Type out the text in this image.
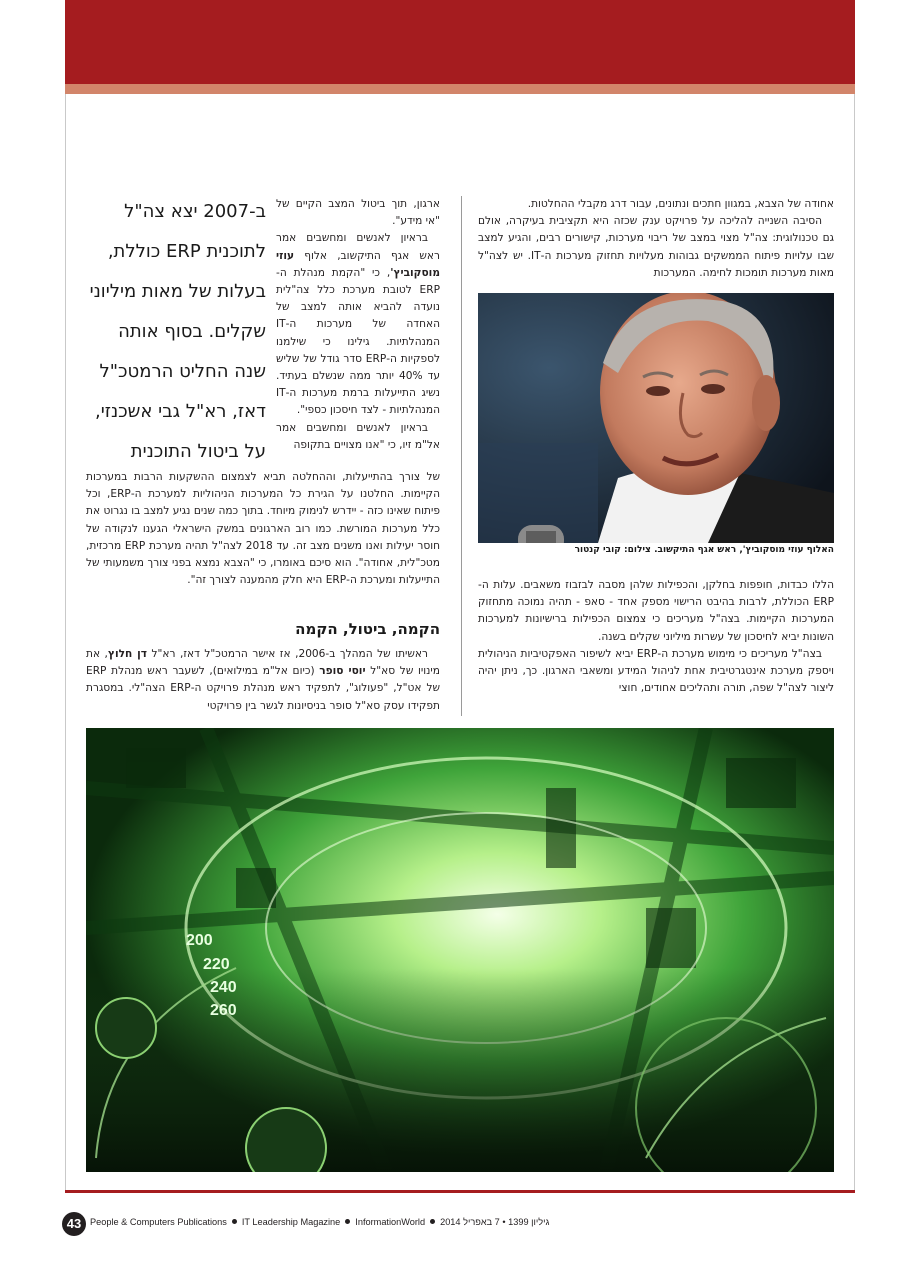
אחודה של הצבא, במגוון חתכים ונתונים, עבור דרג מקבלי ההחלטות.

הסיבה השנייה להליכה על פרויקט ענק שכזה היא תקציבית בעיקרה, אולם גם טכנולוגית: צה"ל מצוי במצב של ריבוי מערכות, קישורים רבים, והגיע למצב שבו עלויות פיתוח הממשקים גבוהות מעלויות תחזוק מערכות ה-IT. יש לצה"ל מאות מערכות תומכות לחימה. המערכות

האלוף עוזי מוסקוביץ', ראש אגף התיקשוב. צילום: קובי קנטור

הללו כבדות, חופפות בחלקן, והכפילות שלהן מסבה לבזבוז משאבים. עלות ה-ERP הכוללת, לרבות בהיבט הרישוי מספק אחד - סאפ - תהיה נמוכה מתחזוק המערכות הקיימות. בצה"ל מעריכים כי צמצום הכפילות ברישיונות למערכות השונות יביא לחיסכון של עשרות מיליוני שקלים בשנה.

בצה"ל מעריכים כי מימוש מערכת ה-ERP יביא לשיפור האפקטיביות הניהולית ויספק מערכת אינטגרטיבית אחת לניהול המידע ומשאבי הארגון. כך, ניתן יהיה ליצור לצה"ל שפה, תורה ותהליכים אחודים, חוצי

ארגון, תוך ביטול המצב הקיים של "אי מידע".

בראיון לאנשים ומחשבים אמר ראש אגף התיקשוב, אלוף עוזי מוסקוביץ', כי "הקמת מנהלת ה-ERP לטובת מערכת כלל צה"לית נועדה להביא אותה למצב של האחדה של מערכות ה-IT המנהלתיות. גילינו כי שילמנו לספקיות ה-ERP סדר גודל של שליש עד 40% יותר ממה שנשלם בעתיד. נשיג התייעלות ברמת מערכות ה-IT המנהלתיות - לצד חיסכון כספי".

בראיון לאנשים ומחשבים אמר אל"מ זיו, כי "אנו מצויים בתקופה

ב-2007 יצא צה"ל לתוכנית ERP כוללת, בעלות של מאות מיליוני שקלים. בסוף אותה שנה החליט הרמטכ"ל דאז, רא"ל גבי אשכנזי, על ביטול התוכנית

של צורך בהתייעלות, וההחלטה תביא לצמצום ההשקעות הרבות במערכות הקיימות. החלטנו על הגירת כל המערכות הניהוליות למערכת ה-ERP, וכל פיתוח שאינו כזה - יידרש לנימוק מיוחד. בתוך כמה שנים נגיע למצב בו נגרוט את כלל מערכות המורשת. כמו רוב הארגונים במשק הישראלי הגענו לנקודה של חוסר יעילות ואנו משנים מצב זה. עד 2018 לצה"ל תהיה מערכת ERP מרכזית, מטכ"לית, אחודה". הוא סיכם באומרו, כי "הצבא נמצא בפני צורך משמעותי של התייעלות ומערכת ה-ERP היא חלק מהמענה לצורך זה".

הקמה, ביטול, הקמה

ראשיתו של המהלך ב-2006, אז אישר הרמטכ"ל דאז, רא"ל דן חלוץ, את מינויו של סא"ל יוסי סופר (כיום אל"מ במילואים), לשעבר ראש מנהלת ERP של אט"ל, "פעולוג", לתפקיד ראש מנהלת פרויקט ה-ERP הצה"לי. במסגרת תפקידו עסק סא"ל סופר בניסיונות לגשר בין פרויקטי

200
220
240
260
43 People & Computers Publications IT Leadership Magazine InformationWorld גיליון 1399 • 7 באפריל 2014
